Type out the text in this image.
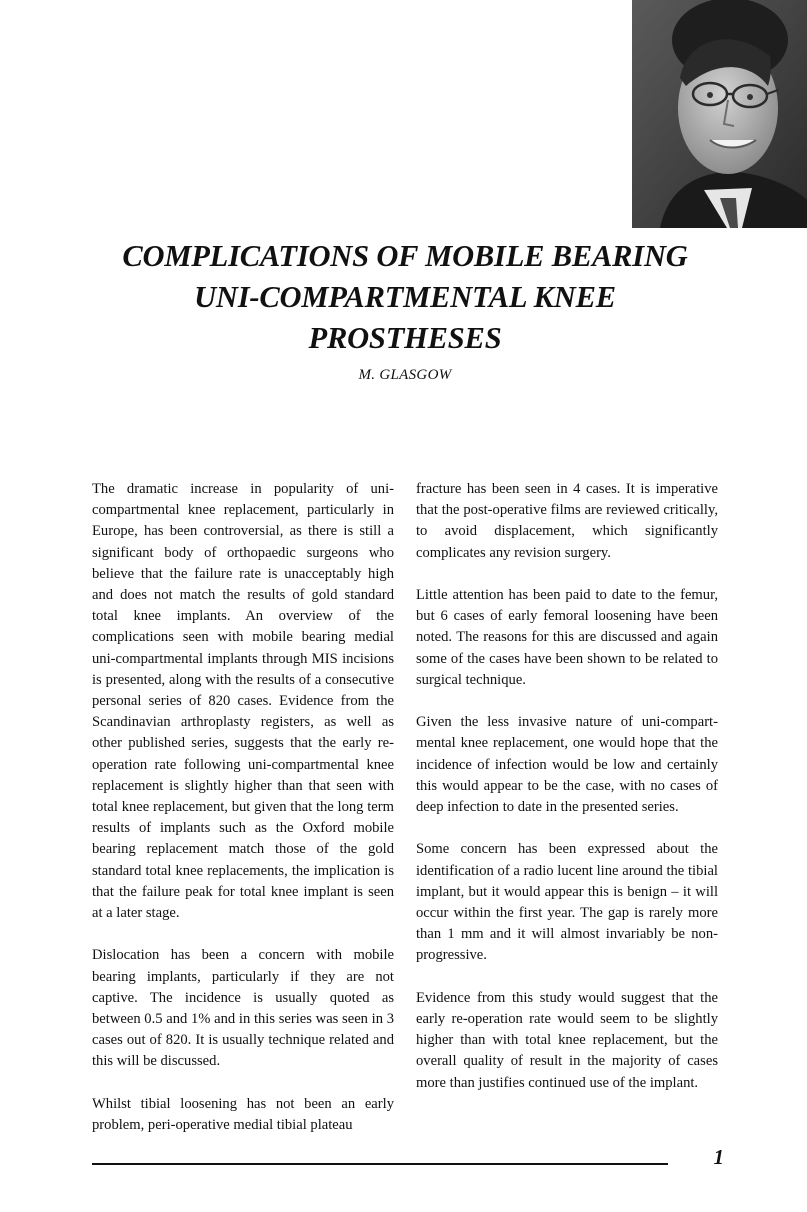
COMPLICATIONS OF MOBILE BEARING
UNI-COMPARTMENTAL KNEE
PROSTHESES

M. GLASGOW

The dramatic increase in popularity of uni-compartmental knee replacement, particularly in Europe, has been controversial, as there is still a significant body of orthopaedic surgeons who believe that the failure rate is unacceptably high and does not match the results of gold standard total knee implants. An overview of the complications seen with mobile bearing medial uni-compartmental implants through MIS incisions is presented, along with the results of a consecutive personal series of 820 cases. Evidence from the Scandinavian arthroplasty registers, as well as other published series, suggests that the early re-operation rate following uni-compartmental knee replacement is slightly higher than that seen with total knee replacement, but given that the long term results of implants such as the Oxford mobile bearing replacement match those of the gold standard total knee replacements, the implication is that the failure peak for total knee implant is seen at a later stage.

Dislocation has been a concern with mobile bearing implants, particularly if they are not captive. The incidence is usually quoted as between 0.5 and 1% and in this series was seen in 3 cases out of 820. It is usually technique related and this will be discussed.

Whilst tibial loosening has not been an early problem, peri-operative medial tibial plateau

fracture has been seen in 4 cases. It is imperative that the post-operative films are reviewed critically, to avoid displacement, which significantly complicates any revision surgery.

Little attention has been paid to date to the femur, but 6 cases of early femoral loosening have been noted. The reasons for this are discussed and again some of the cases have been shown to be related to surgical technique.

Given the less invasive nature of uni-compartmental knee replacement, one would hope that the incidence of infection would be low and certainly this would appear to be the case, with no cases of deep infection to date in the presented series.

Some concern has been expressed about the identification of a radio lucent line around the tibial implant, but it would appear this is benign – it will occur within the first year. The gap is rarely more than 1 mm and it will almost invariably be non-progressive.

Evidence from this study would suggest that the early re-operation rate would seem to be slightly higher than with total knee replacement, but the overall quality of result in the majority of cases more than justifies continued use of the implant.

1
